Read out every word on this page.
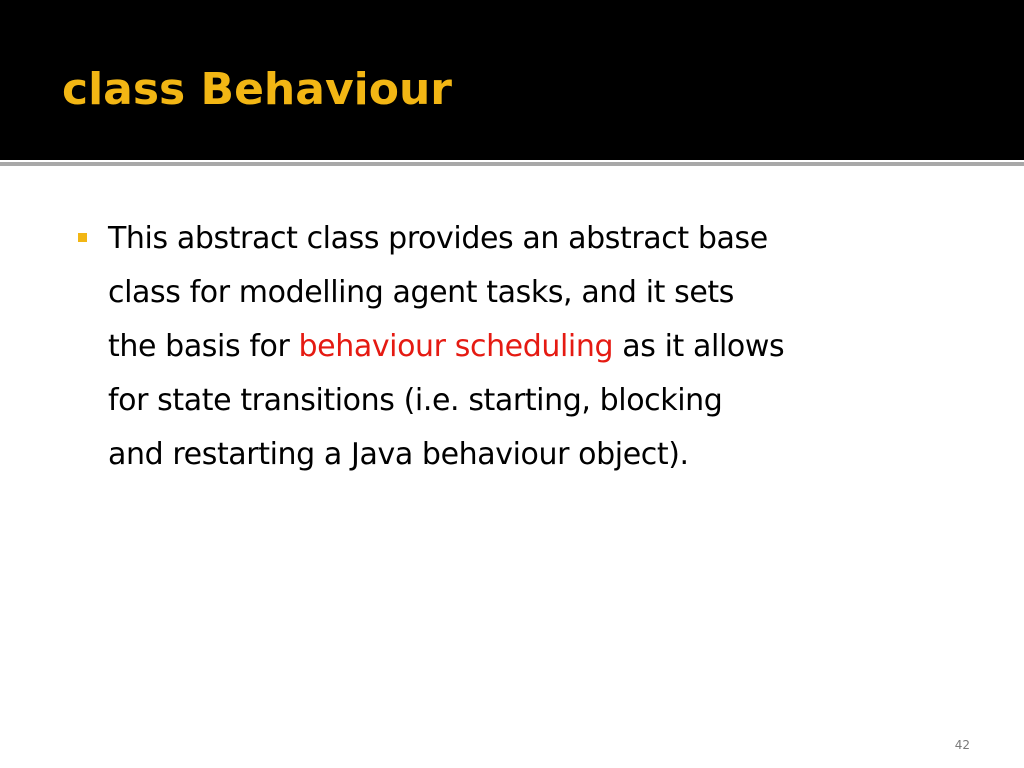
class Behaviour
This abstract class provides an abstract base
class for modelling agent tasks, and it sets
the basis for behaviour scheduling as it allows
for state transitions (i.e. starting, blocking
and restarting a Java behaviour object).
42
